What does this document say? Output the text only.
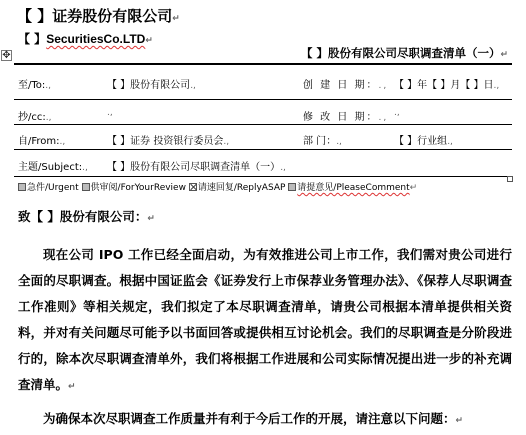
【 】证券股份有限公司↵
【 】SecuritiesCo.LTD↵
【 】股份有限公司尽职调查清单（一）↵
✥
至/To:.,	【 】股份有限公司.,	创 建 日 期：., 【 】年【 】月【 】日.,
抄/cc:.,	.,	修 改 日 期：., .,
自/From:.,	【 】证券 投资银行委员会.,	部 门：.,	【 】行业组.,
主题/Subject:., 【 】股份有限公司尽职调查清单（一）.,
急件/Urgent 供审阅/ForYourReview 请速回复/ReplyASAP 请提意见/PleaseComment↵
致【 】股份有限公司：↵
现在公司 IPO 工作已经全面启动，为有效推进公司上市工作，我们需对贵公司进行全面的尽职调查。根据中国证监会《证券发行上市保荐业务管理办法》、《保荐人尽职调查工作准则》等相关规定，我们拟定了本尽职调查清单，请贵公司根据本清单提供相关资料，并对有关问题尽可能予以书面回答或提供相互讨论机会。我们的尽职调查是分阶段进行的，除本次尽职调查清单外，我们将根据工作进展和公司实际情况提出进一步的补充调查清单。↵
为确保本次尽职调查工作质量并有利于今后工作的开展，请注意以下问题：↵
